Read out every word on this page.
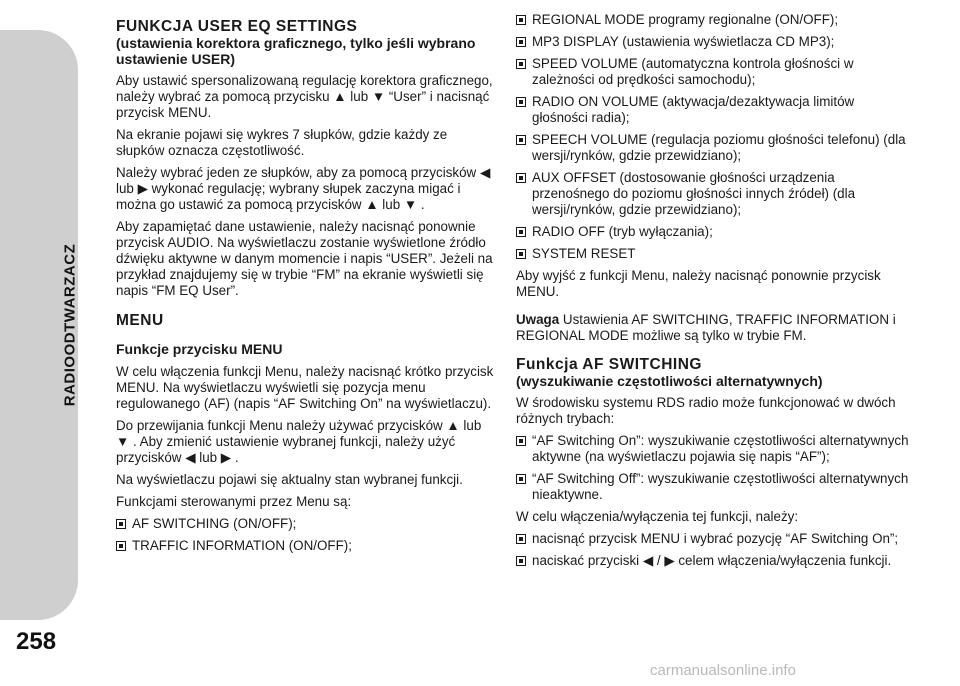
RADIOODTWARZACZ
258
FUNKCJA USER EQ SETTINGS
(ustawienia korektora graficznego, tylko jeśli wybrano ustawienie USER)

Aby ustawić spersonalizowaną regulację korektora graficznego, należy wybrać za pomocą przycisku ▲ lub ▼ “User” i nacisnąć przycisk MENU.

Na ekranie pojawi się wykres 7 słupków, gdzie każdy ze słupków oznacza częstotliwość.

Należy wybrać jeden ze słupków, aby za pomocą przycisków ◀ lub ▶ wykonać regulację; wybrany słupek zaczyna migać i można go ustawić za pomocą przycisków ▲ lub ▼ .

Aby zapamiętać dane ustawienie, należy nacisnąć ponownie przycisk AUDIO. Na wyświetlaczu zostanie wyświetlone źródło dźwięku aktywne w danym momencie i napis “USER”. Jeżeli na przykład znajdujemy się w trybie “FM” na ekranie wyświetli się napis “FM EQ User”.

MENU
Funkcje przycisku MENU

W celu włączenia funkcji Menu, należy nacisnąć krótko przycisk MENU. Na wyświetlaczu wyświetli się pozycja menu regulowanego (AF) (napis “AF Switching On” na wyświetlaczu).

Do przewijania funkcji Menu należy używać przycisków ▲ lub ▼ . Aby zmienić ustawienie wybranej funkcji, należy użyć przycisków ◀ lub ▶ .

Na wyświetlaczu pojawi się aktualny stan wybranej funkcji.

Funkcjami sterowanymi przez Menu są:

AF SWITCHING (ON/OFF);
TRAFFIC INFORMATION (ON/OFF);
REGIONAL MODE programy regionalne (ON/OFF);
MP3 DISPLAY (ustawienia wyświetlacza CD MP3);
SPEED VOLUME (automatyczna kontrola głośności w zależności od prędkości samochodu);
RADIO ON VOLUME (aktywacja/dezaktywacja limitów głośności radia);
SPEECH VOLUME (regulacja poziomu głośności telefonu) (dla wersji/rynków, gdzie przewidziano);
AUX OFFSET (dostosowanie głośności urządzenia przenośnego do poziomu głośności innych źródeł) (dla wersji/rynków, gdzie przewidziano);
RADIO OFF (tryb wyłączania);
SYSTEM RESET

Aby wyjść z funkcji Menu, należy nacisnąć ponownie przycisk MENU.

Uwaga Ustawienia AF SWITCHING, TRAFFIC INFORMATION i REGIONAL MODE możliwe są tylko w trybie FM.

Funkcja AF SWITCHING
(wyszukiwanie częstotliwości alternatywnych)

W środowisku systemu RDS radio może funkcjonować w dwóch różnych trybach:

“AF Switching On”: wyszukiwanie częstotliwości alternatywnych aktywne (na wyświetlaczu pojawia się napis “AF”);
“AF Switching Off”: wyszukiwanie częstotliwości alternatywnych nieaktywne.

W celu włączenia/wyłączenia tej funkcji, należy:

nacisnąć przycisk MENU i wybrać pozycję “AF Switching On”;
naciskać przyciski ◀ / ▶ celem włączenia/wyłączenia funkcji.
carmanualsonline.info
